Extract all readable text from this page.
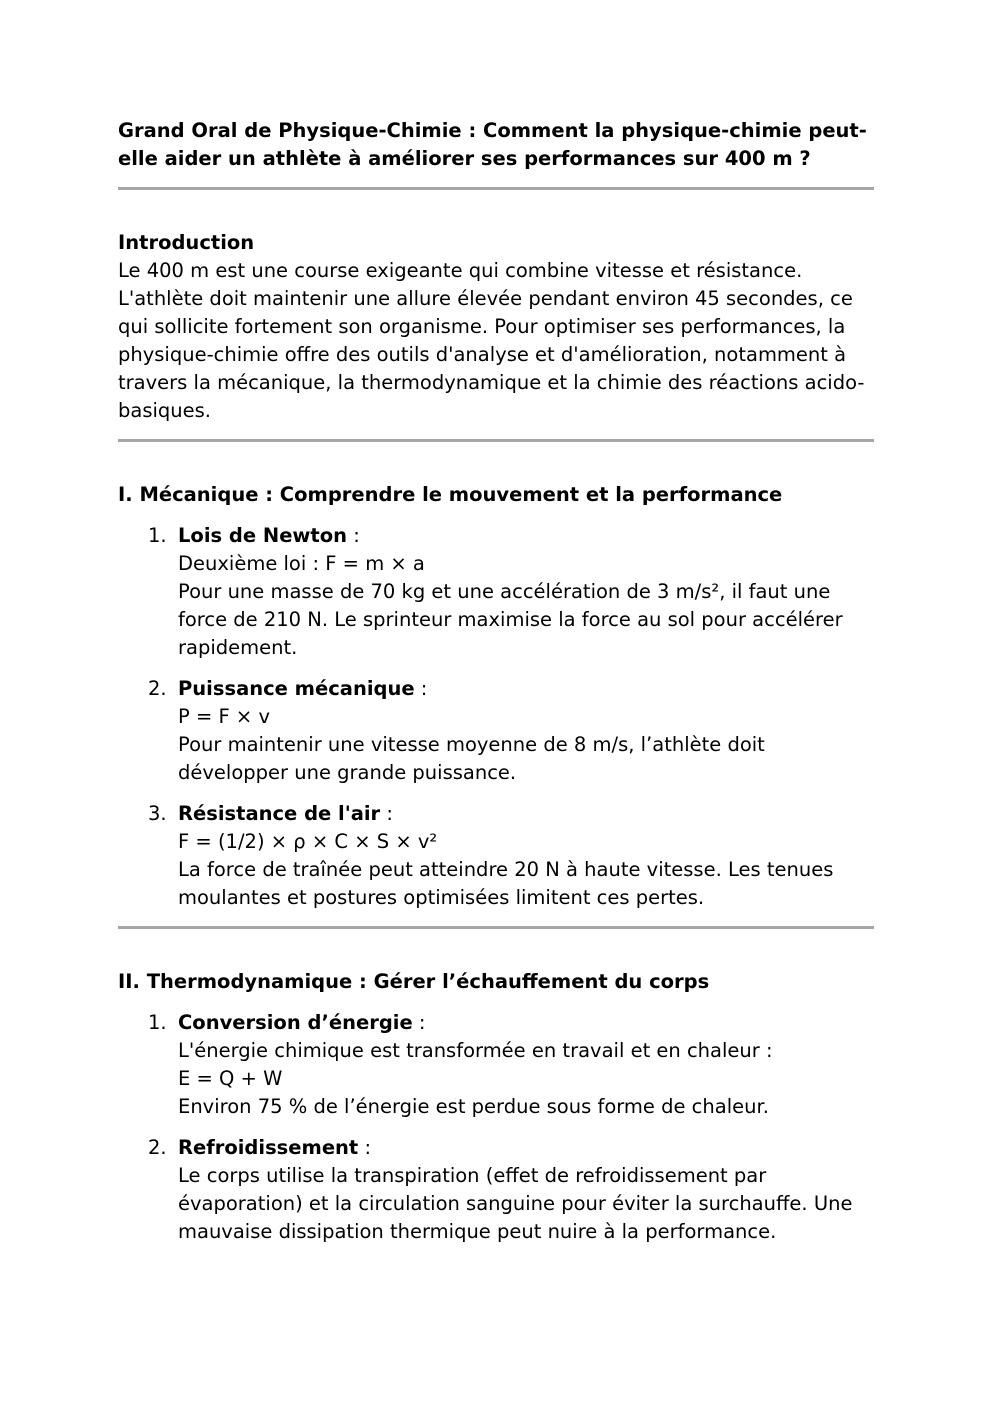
Grand Oral de Physique-Chimie : Comment la physique-chimie peut-elle aider un athlète à améliorer ses performances sur 400 m ?

Introduction

Le 400 m est une course exigeante qui combine vitesse et résistance. L'athlète doit maintenir une allure élevée pendant environ 45 secondes, ce qui sollicite fortement son organisme. Pour optimiser ses performances, la physique-chimie offre des outils d'analyse et d'amélioration, notamment à travers la mécanique, la thermodynamique et la chimie des réactions acido-basiques.

I. Mécanique : Comprendre le mouvement et la performance

1. Lois de Newton :
Deuxième loi : F = m × a
Pour une masse de 70 kg et une accélération de 3 m/s², il faut une force de 210 N. Le sprinteur maximise la force au sol pour accélérer rapidement.
2. Puissance mécanique :
P = F × v
Pour maintenir une vitesse moyenne de 8 m/s, l’athlète doit développer une grande puissance.
3. Résistance de l'air :
F = (1/2) × ρ × C × S × v²
La force de traînée peut atteindre 20 N à haute vitesse. Les tenues moulantes et postures optimisées limitent ces pertes.

II. Thermodynamique : Gérer l’échauffement du corps

1. Conversion d’énergie :
L'énergie chimique est transformée en travail et en chaleur :
E = Q + W
Environ 75 % de l’énergie est perdue sous forme de chaleur.
2. Refroidissement :
Le corps utilise la transpiration (effet de refroidissement par évaporation) et la circulation sanguine pour éviter la surchauffe. Une mauvaise dissipation thermique peut nuire à la performance.
